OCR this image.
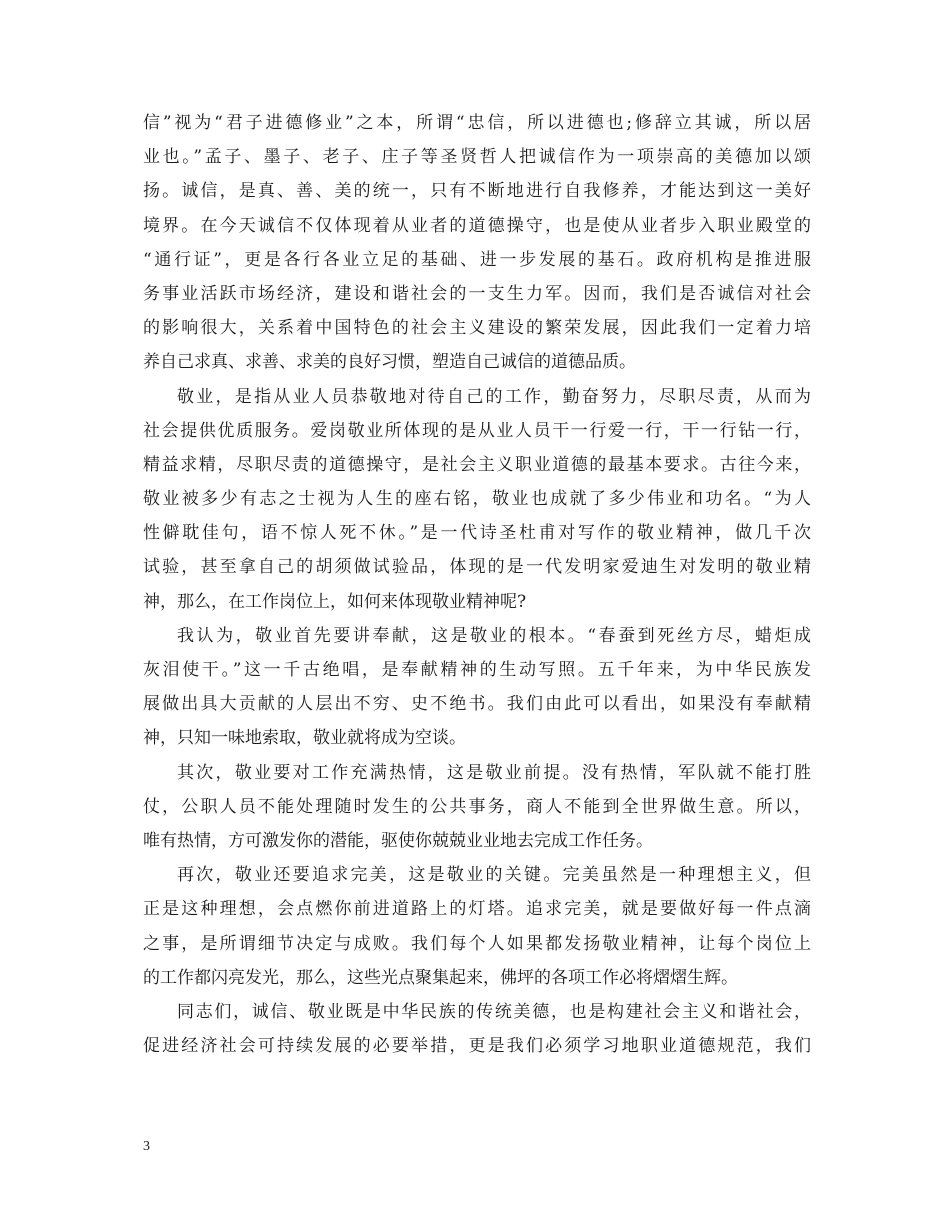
信”视为“君子进德修业”之本，所谓“忠信，所以进德也;修辞立其诚，所以居
业也。”孟子、墨子、老子、庄子等圣贤哲人把诚信作为一项崇高的美德加以颂
扬。诚信，是真、善、美的统一，只有不断地进行自我修养，才能达到这一美好
境界。在今天诚信不仅体现着从业者的道德操守，也是使从业者步入职业殿堂的
“通行证”，更是各行各业立足的基础、进一步发展的基石。政府机构是推进服
务事业活跃市场经济，建设和谐社会的一支生力军。因而，我们是否诚信对社会
的影响很大，关系着中国特色的社会主义建设的繁荣发展，因此我们一定着力培
养自己求真、求善、求美的良好习惯，塑造自己诚信的道德品质。
敬业，是指从业人员恭敬地对待自己的工作，勤奋努力，尽职尽责，从而为
社会提供优质服务。爱岗敬业所体现的是从业人员干一行爱一行，干一行钻一行，
精益求精，尽职尽责的道德操守，是社会主义职业道德的最基本要求。古往今来，
敬业被多少有志之士视为人生的座右铭，敬业也成就了多少伟业和功名。“为人
性僻耽佳句，语不惊人死不休。”是一代诗圣杜甫对写作的敬业精神，做几千次
试验，甚至拿自己的胡须做试验品，体现的是一代发明家爱迪生对发明的敬业精
神，那么，在工作岗位上，如何来体现敬业精神呢?
我认为，敬业首先要讲奉献，这是敬业的根本。“春蚕到死丝方尽，蜡炬成
灰泪使干。”这一千古绝唱，是奉献精神的生动写照。五千年来，为中华民族发
展做出具大贡献的人层出不穷、史不绝书。我们由此可以看出，如果没有奉献精
神，只知一味地索取，敬业就将成为空谈。
其次，敬业要对工作充满热情，这是敬业前提。没有热情，军队就不能打胜
仗，公职人员不能处理随时发生的公共事务，商人不能到全世界做生意。所以，
唯有热情，方可激发你的潜能，驱使你兢兢业业地去完成工作任务。
再次，敬业还要追求完美，这是敬业的关键。完美虽然是一种理想主义，但
正是这种理想，会点燃你前进道路上的灯塔。追求完美，就是要做好每一件点滴
之事，是所谓细节决定与成败。我们每个人如果都发扬敬业精神，让每个岗位上
的工作都闪亮发光，那么，这些光点聚集起来，佛坪的各项工作必将熠熠生辉。
同志们，诚信、敬业既是中华民族的传统美德，也是构建社会主义和谐社会，
促进经济社会可持续发展的必要举措，更是我们必须学习地职业道德规范，我们
3
